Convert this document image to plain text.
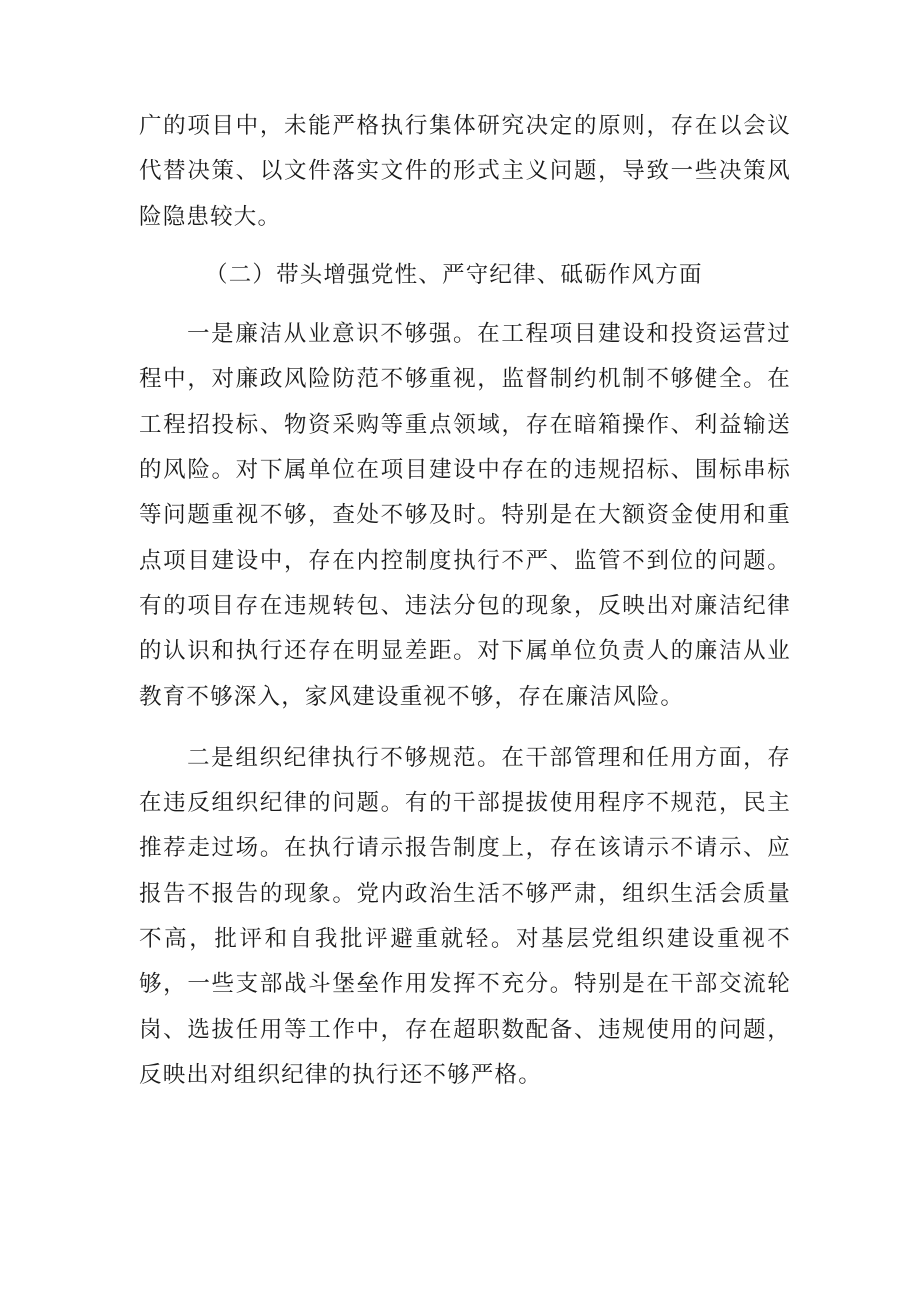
广的项目中，未能严格执行集体研究决定的原则，存在以会议代替决策、以文件落实文件的形式主义问题，导致一些决策风险隐患较大。

（二）带头增强党性、严守纪律、砥砺作风方面

一是廉洁从业意识不够强。在工程项目建设和投资运营过程中，对廉政风险防范不够重视，监督制约机制不够健全。在工程招投标、物资采购等重点领域，存在暗箱操作、利益输送的风险。对下属单位在项目建设中存在的违规招标、围标串标等问题重视不够，查处不够及时。特别是在大额资金使用和重点项目建设中，存在内控制度执行不严、监管不到位的问题。有的项目存在违规转包、违法分包的现象，反映出对廉洁纪律的认识和执行还存在明显差距。对下属单位负责人的廉洁从业教育不够深入，家风建设重视不够，存在廉洁风险。

二是组织纪律执行不够规范。在干部管理和任用方面，存在违反组织纪律的问题。有的干部提拔使用程序不规范，民主推荐走过场。在执行请示报告制度上，存在该请示不请示、应报告不报告的现象。党内政治生活不够严肃，组织生活会质量不高，批评和自我批评避重就轻。对基层党组织建设重视不够，一些支部战斗堡垒作用发挥不充分。特别是在干部交流轮岗、选拔任用等工作中，存在超职数配备、违规使用的问题，反映出对组织纪律的执行还不够严格。
